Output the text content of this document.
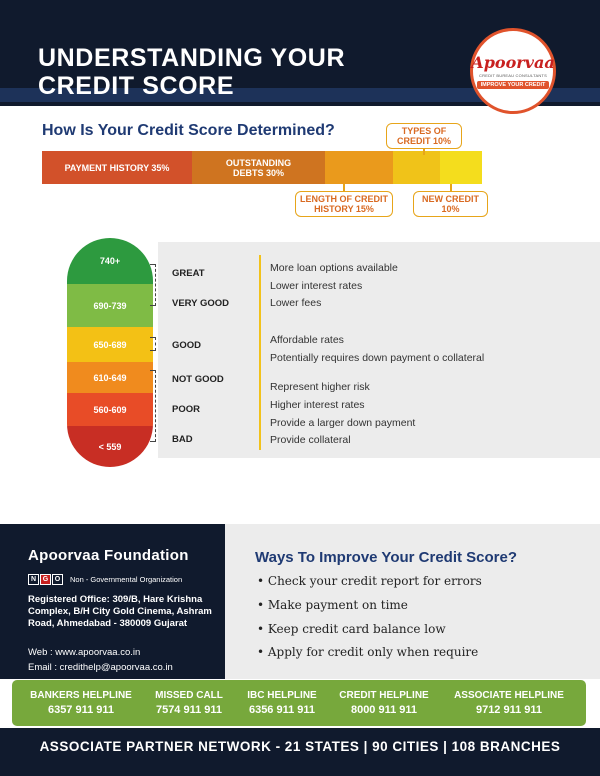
UNDERSTANDING YOUR
CREDIT SCORE
Apoorvaa
CREDIT BUREAU CONSULTANTS
IMPROVE YOUR CREDIT
How Is Your Credit Score Determined?
PAYMENT HISTORY 35%	OUTSTANDING DEBTS 30%
TYPES OF CREDIT 10%
LENGTH OF CREDIT HISTORY 15%
NEW CREDIT 10%
740+
690-739
650-689
610-649
560-609
< 559
GREAT
VERY GOOD
GOOD
NOT GOOD
POOR
BAD
More loan options available
Lower interest rates
Lower fees
Affordable rates
Potentially requires down payment o collateral
Represent higher risk
Higher interest rates
Provide a larger down payment
Provide collateral
Apoorvaa Foundation
N G O	Non - Governmental Organization
Registered Office: 309/B, Hare Krishna Complex, B/H City Gold Cinema, Ashram Road, Ahmedabad - 380009 Gujarat
Web : www.apoorvaa.co.in
Email : credithelp@apoorvaa.co.in
Ways To Improve Your Credit Score?
• Check your credit report for errors
• Make payment on time
• Keep credit card balance low
• Apply for credit only when require
BANKERS HELPLINE
6357 911 911
MISSED CALL
7574 911 911
IBC HELPLINE
6356 911 911
CREDIT HELPLINE
8000 911 911
ASSOCIATE HELPLINE
9712 911 911
ASSOCIATE PARTNER NETWORK - 21 STATES | 90 CITIES | 108 BRANCHES
